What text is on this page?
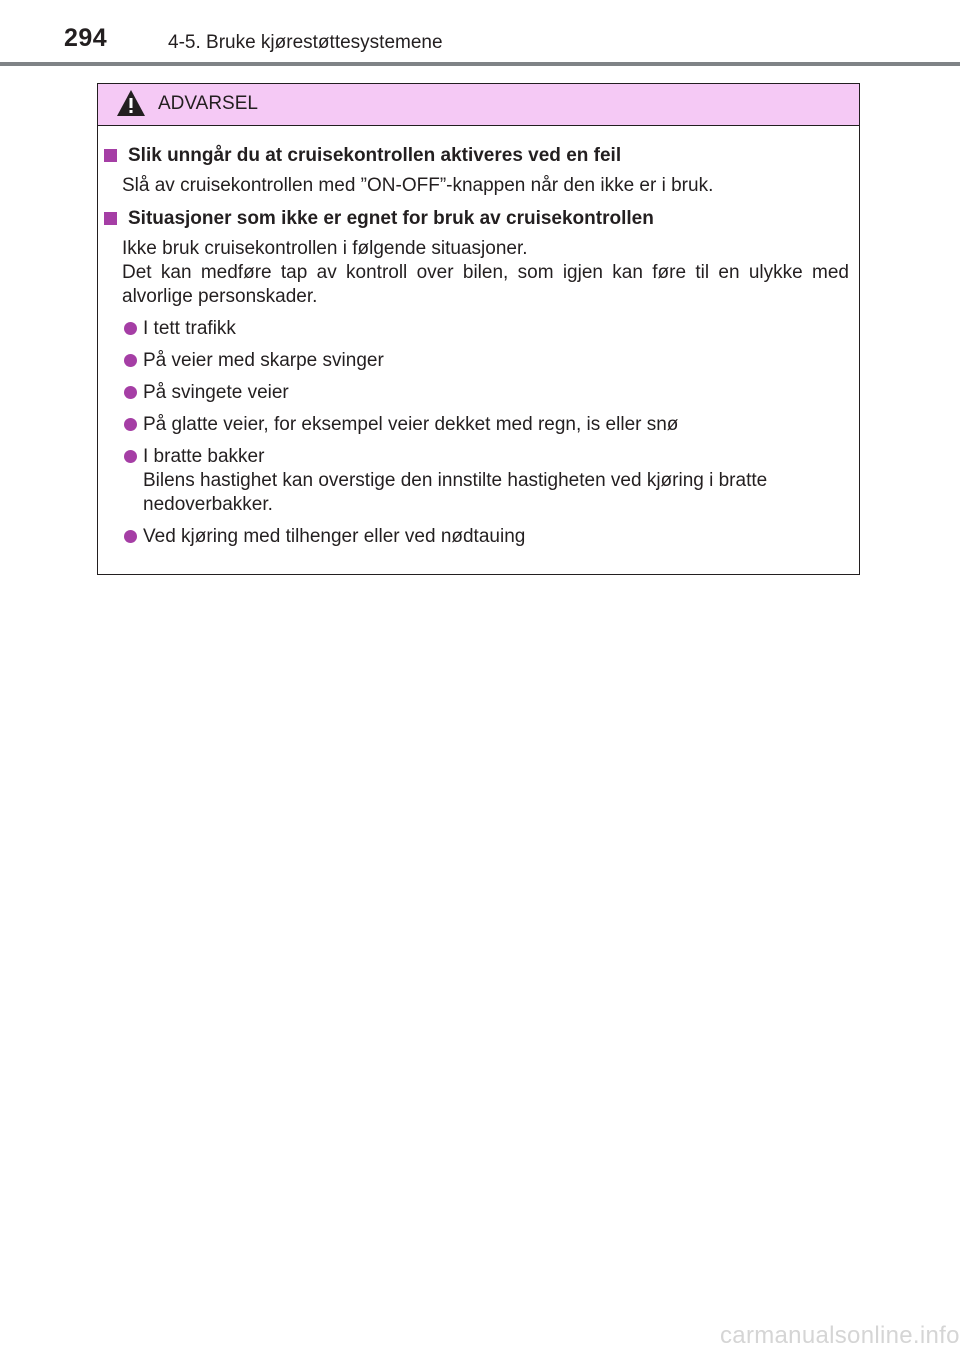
294	4-5. Bruke kjørestøttesystemene
ADVARSEL
Slik unngår du at cruisekontrollen aktiveres ved en feil
Slå av cruisekontrollen med ”ON-OFF”-knappen når den ikke er i bruk.
Situasjoner som ikke er egnet for bruk av cruisekontrollen
Ikke bruk cruisekontrollen i følgende situasjoner.
Det kan medføre tap av kontroll over bilen, som igjen kan føre til en ulykke med alvorlige personskader.
I tett trafikk
På veier med skarpe svinger
På svingete veier
På glatte veier, for eksempel veier dekket med regn, is eller snø
I bratte bakker
Bilens hastighet kan overstige den innstilte hastigheten ved kjøring i bratte nedoverbakker.
Ved kjøring med tilhenger eller ved nødtauing
carmanualsonline.info
